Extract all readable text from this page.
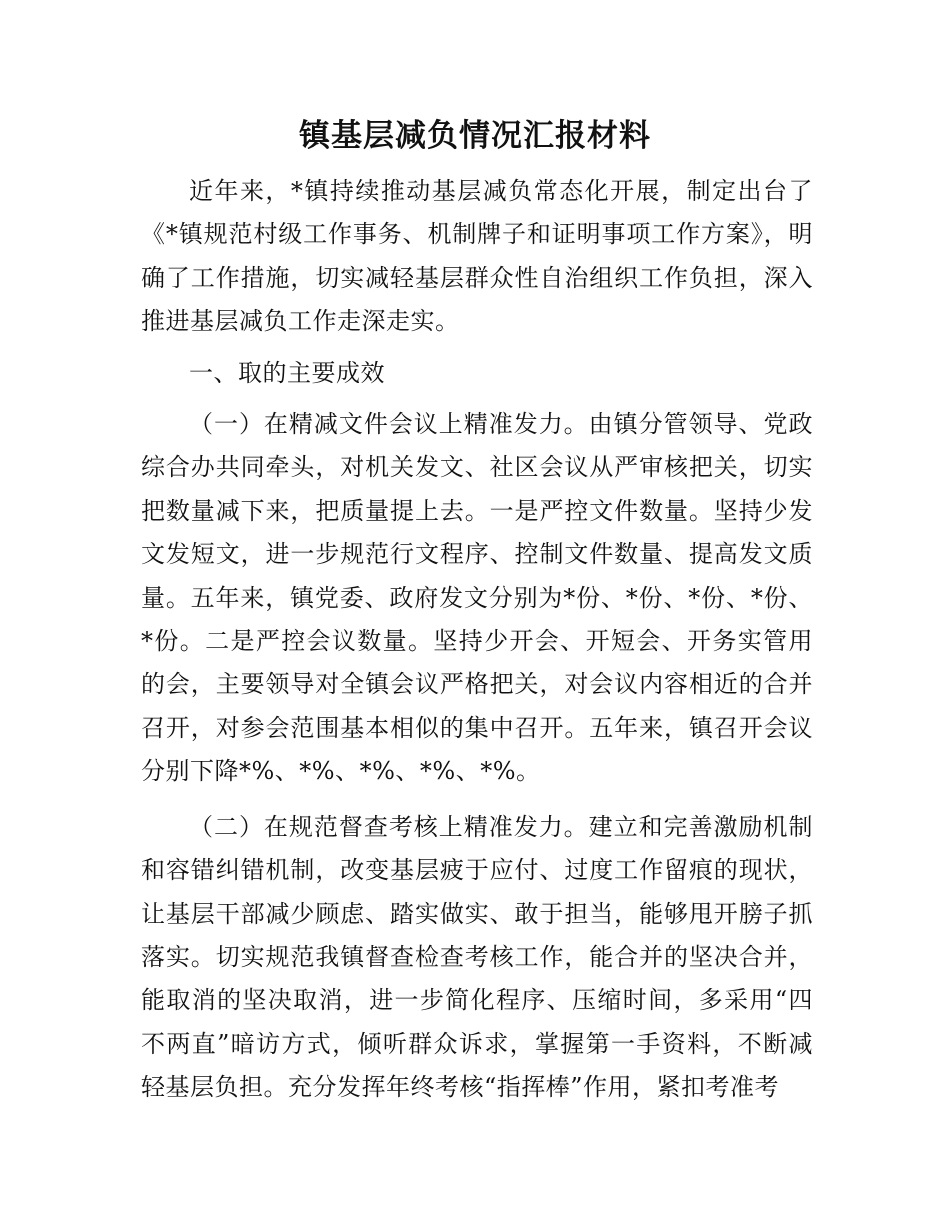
镇基层减负情况汇报材料

近年来，*镇持续推动基层减负常态化开展，制定出台了《*镇规范村级工作事务、机制牌子和证明事项工作方案》，明确了工作措施，切实减轻基层群众性自治组织工作负担，深入推进基层减负工作走深走实。

一、取的主要成效

（一）在精减文件会议上精准发力。由镇分管领导、党政综合办共同牵头，对机关发文、社区会议从严审核把关，切实把数量减下来，把质量提上去。一是严控文件数量。坚持少发文发短文，进一步规范行文程序、控制文件数量、提高发文质量。五年来，镇党委、政府发文分别为*份、*份、*份、*份、*份。二是严控会议数量。坚持少开会、开短会、开务实管用的会，主要领导对全镇会议严格把关，对会议内容相近的合并召开，对参会范围基本相似的集中召开。五年来，镇召开会议分别下降*%、*%、*%、*%、*%。

（二）在规范督查考核上精准发力。建立和完善激励机制和容错纠错机制，改变基层疲于应付、过度工作留痕的现状，让基层干部减少顾虑、踏实做实、敢于担当，能够甩开膀子抓落实。切实规范我镇督查检查考核工作，能合并的坚决合并，能取消的坚决取消，进一步简化程序、压缩时间，多采用“四不两直”暗访方式，倾听群众诉求，掌握第一手资料，不断减轻基层负担。充分发挥年终考核“指挥棒”作用，紧扣考准考
